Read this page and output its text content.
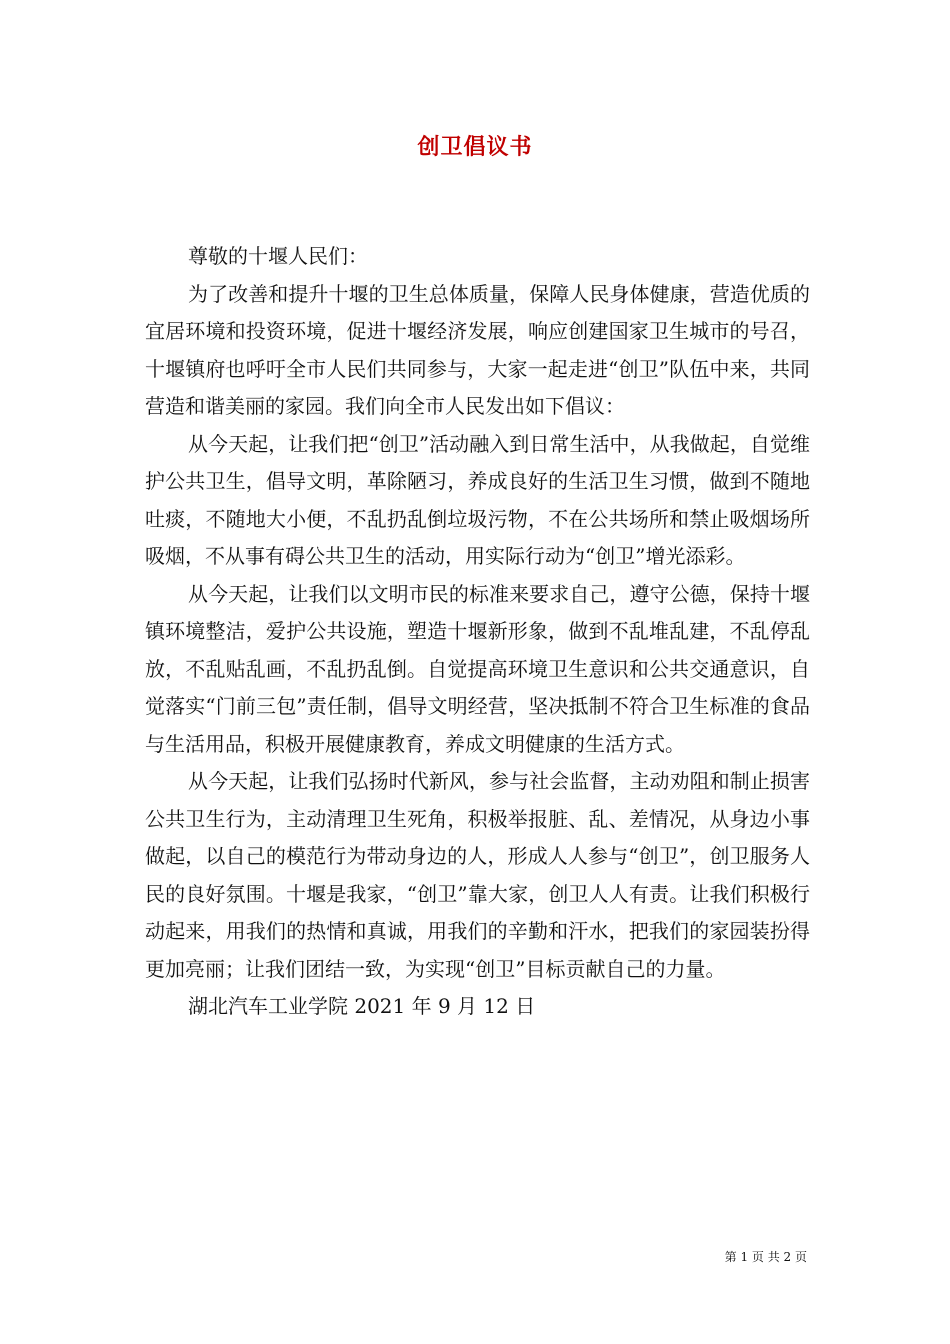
创卫倡议书

尊敬的十堰人民们：

为了改善和提升十堰的卫生总体质量，保障人民身体健康，营造优质的宜居环境和投资环境，促进十堰经济发展，响应创建国家卫生城市的号召，十堰镇府也呼吁全市人民们共同参与，大家一起走进“创卫”队伍中来，共同营造和谐美丽的家园。我们向全市人民发出如下倡议：

从今天起，让我们把“创卫”活动融入到日常生活中，从我做起，自觉维护公共卫生，倡导文明，革除陋习，养成良好的生活卫生习惯，做到不随地吐痰，不随地大小便，不乱扔乱倒垃圾污物，不在公共场所和禁止吸烟场所吸烟，不从事有碍公共卫生的活动，用实际行动为“创卫”增光添彩。

从今天起，让我们以文明市民的标准来要求自己，遵守公德，保持十堰镇环境整洁，爱护公共设施，塑造十堰新形象，做到不乱堆乱建，不乱停乱放，不乱贴乱画，不乱扔乱倒。自觉提高环境卫生意识和公共交通意识，自觉落实“门前三包”责任制，倡导文明经营，坚决抵制不符合卫生标准的食品与生活用品，积极开展健康教育，养成文明健康的生活方式。

从今天起，让我们弘扬时代新风，参与社会监督，主动劝阻和制止损害公共卫生行为，主动清理卫生死角，积极举报脏、乱、差情况，从身边小事做起，以自己的模范行为带动身边的人，形成人人参与“创卫”，创卫服务人民的良好氛围。十堰是我家，“创卫”靠大家，创卫人人有责。让我们积极行动起来，用我们的热情和真诚，用我们的辛勤和汗水，把我们的家园装扮得更加亮丽；让我们团结一致，为实现“创卫”目标贡献自己的力量。

湖北汽车工业学院 2021 年 9 月 12 日

第 1 页 共 2 页
